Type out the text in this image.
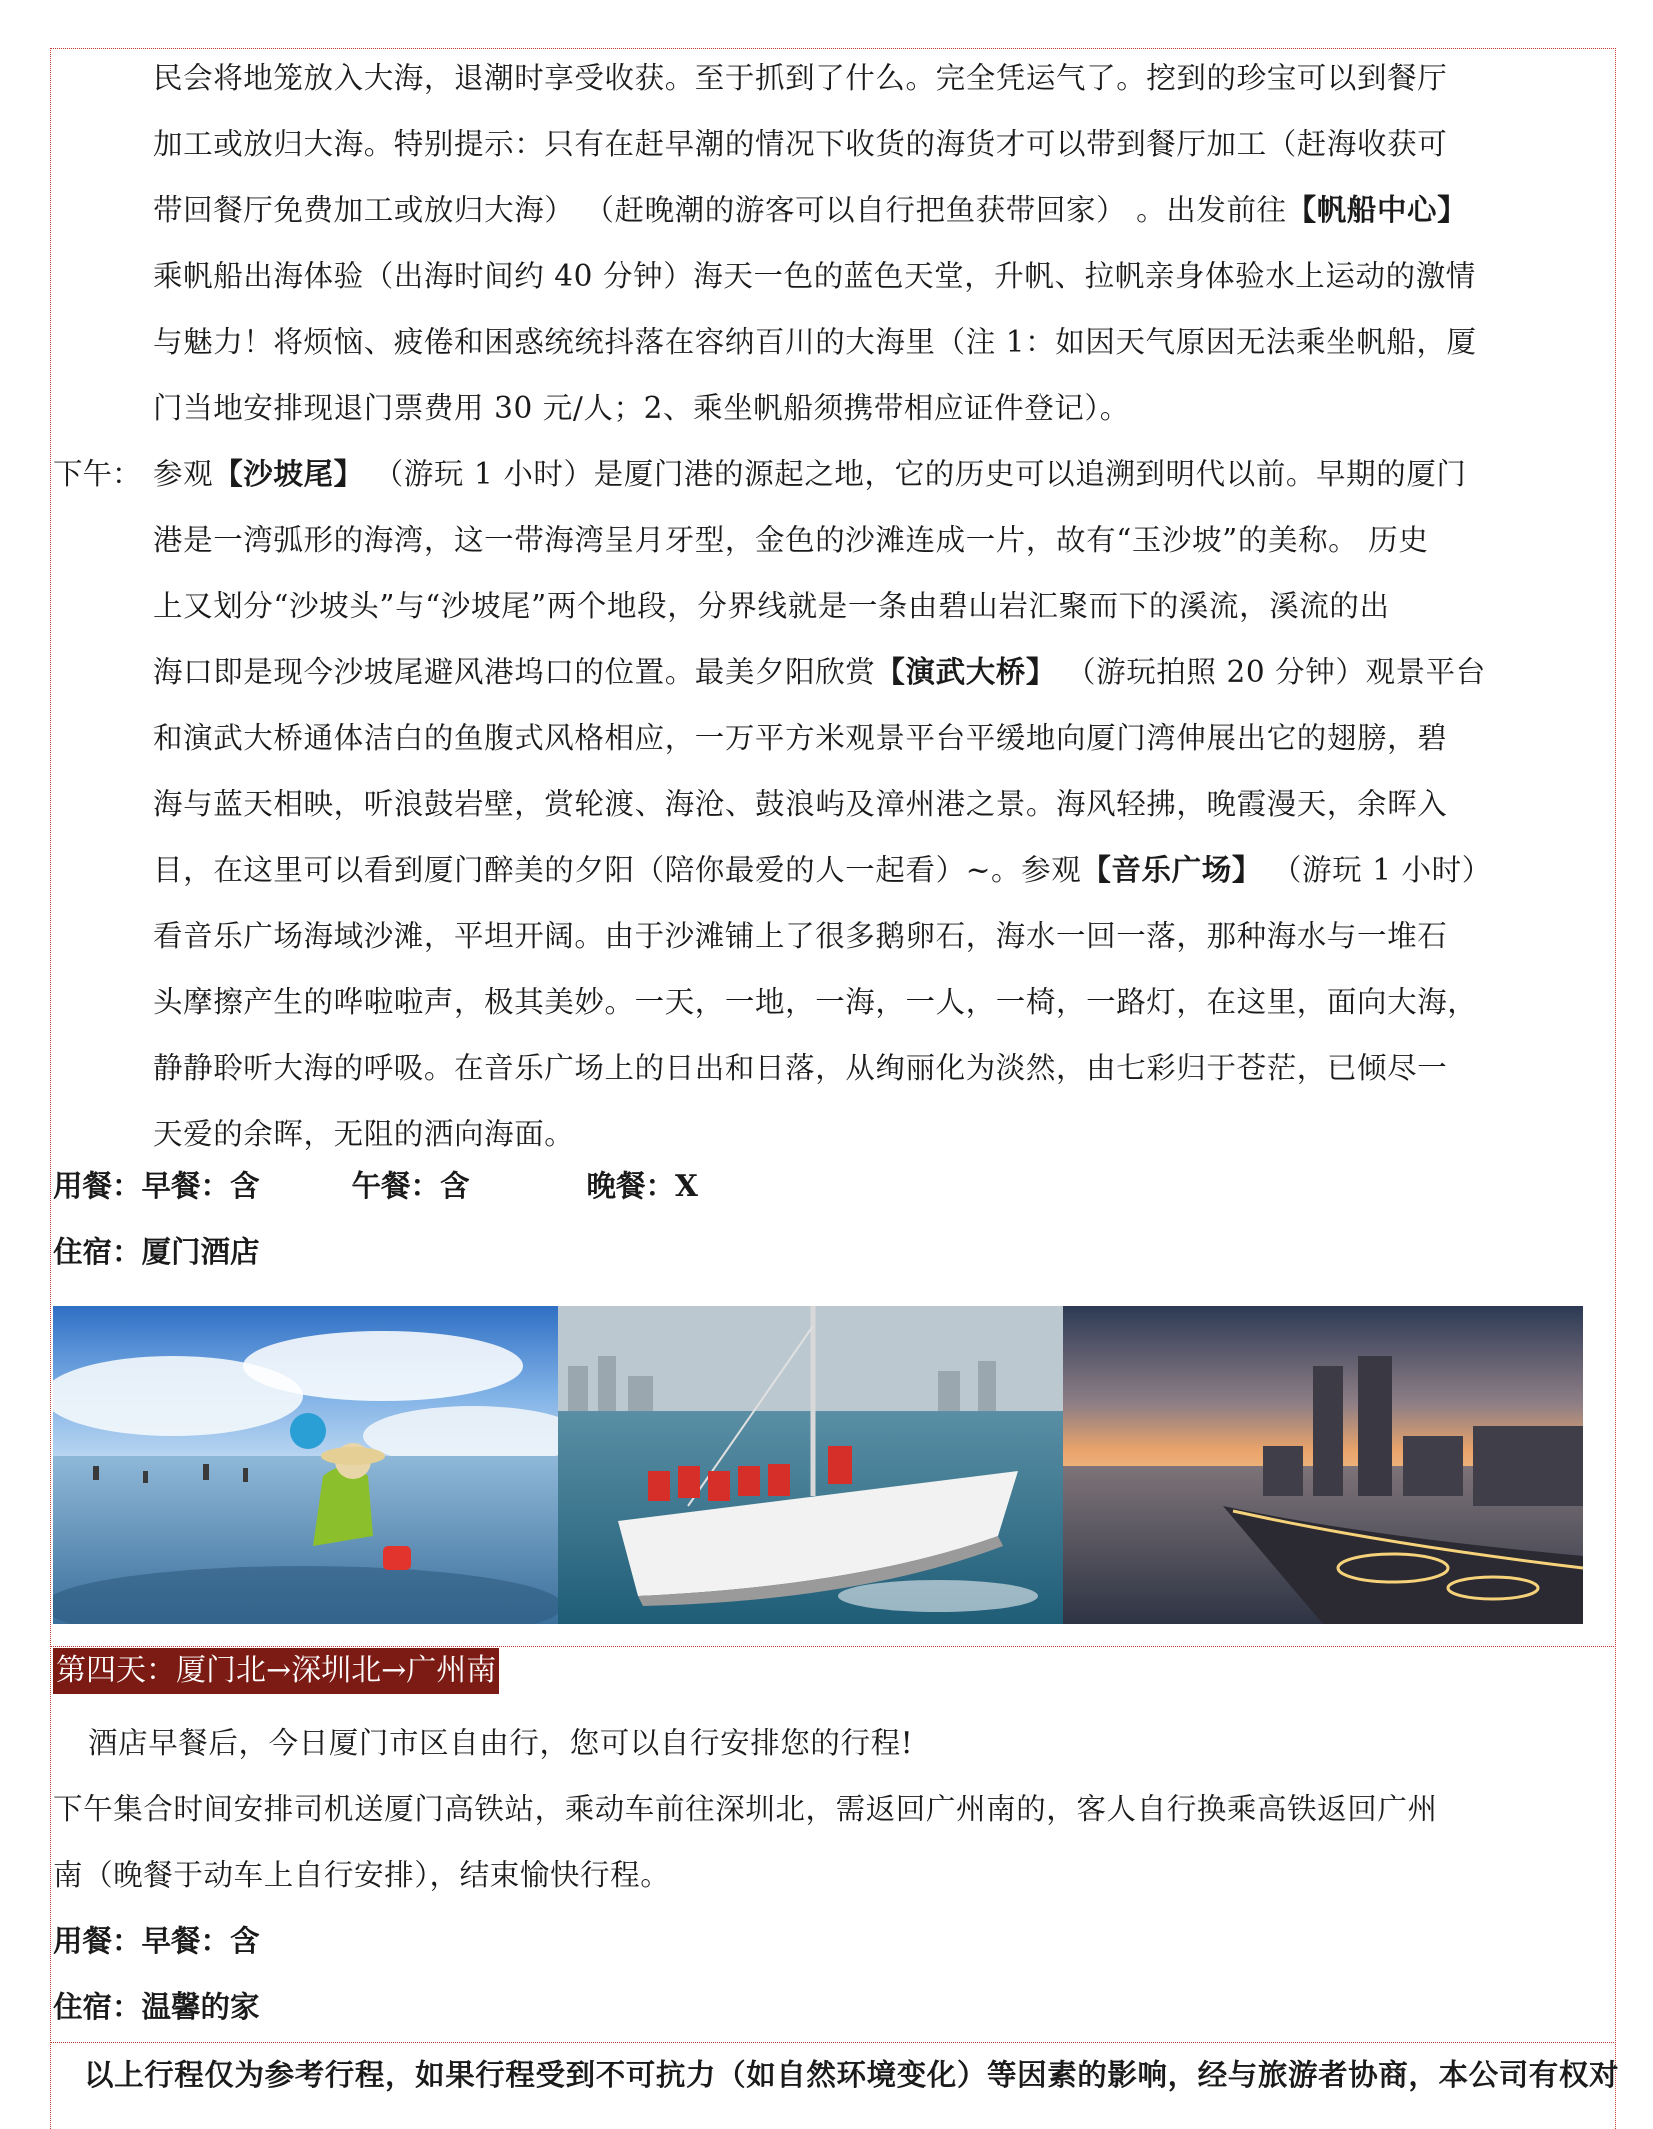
民会将地笼放入大海，退潮时享受收获。至于抓到了什么。完全凭运气了。挖到的珍宝可以到餐厅
加工或放归大海。特别提示：只有在赶早潮的情况下收货的海货才可以带到餐厅加工（赶海收获可
带回餐厅免费加工或放归大海） （赶晚潮的游客可以自行把鱼获带回家） 。出发前往【帆船中心】
乘帆船出海体验（出海时间约 40 分钟）海天一色的蓝色天堂，升帆、拉帆亲身体验水上运动的激情
与魅力！将烦恼、疲倦和困惑统统抖落在容纳百川的大海里（注 1：如因天气原因无法乘坐帆船，厦
门当地安排现退门票费用 30 元/人；2、乘坐帆船须携带相应证件登记）。
下午： 参观【沙坡尾】 （游玩 1 小时）是厦门港的源起之地，它的历史可以追溯到明代以前。早期的厦门
港是一湾弧形的海湾，这一带海湾呈月牙型，金色的沙滩连成一片，故有“玉沙坡”的美称。 历史
上又划分“沙坡头”与“沙坡尾”两个地段，分界线就是一条由碧山岩汇聚而下的溪流，溪流的出
海口即是现今沙坡尾避风港坞口的位置。最美夕阳欣赏【演武大桥】 （游玩拍照 20 分钟）观景平台
和演武大桥通体洁白的鱼腹式风格相应，一万平方米观景平台平缓地向厦门湾伸展出它的翅膀，碧
海与蓝天相映，听浪鼓岩壁，赏轮渡、海沧、鼓浪屿及漳州港之景。海风轻拂，晚霞漫天，余晖入
目，在这里可以看到厦门醉美的夕阳（陪你最爱的人一起看）~。参观【音乐广场】 （游玩 1 小时）
看音乐广场海域沙滩，平坦开阔。由于沙滩铺上了很多鹅卵石，海水一回一落，那种海水与一堆石
头摩擦产生的哗啦啦声，极其美妙。一天，一地，一海，一人，一椅，一路灯，在这里，面向大海，
静静聆听大海的呼吸。在音乐广场上的日出和日落，从绚丽化为淡然，由七彩归于苍茫，已倾尽一
天爱的余晖，无阻的洒向海面。
用餐：早餐：含	午餐：含	晚餐：X
住宿：厦门酒店
第四天：厦门北→深圳北→广州南
酒店早餐后，今日厦门市区自由行，您可以自行安排您的行程!
下午集合时间安排司机送厦门高铁站，乘动车前往深圳北，需返回广州南的，客人自行换乘高铁返回广州
南（晚餐于动车上自行安排），结束愉快行程。
用餐：早餐：含
住宿：温馨的家
以上行程仅为参考行程，如果行程受到不可抗力（如自然环境变化）等因素的影响，经与旅游者协商，本公司有权对
